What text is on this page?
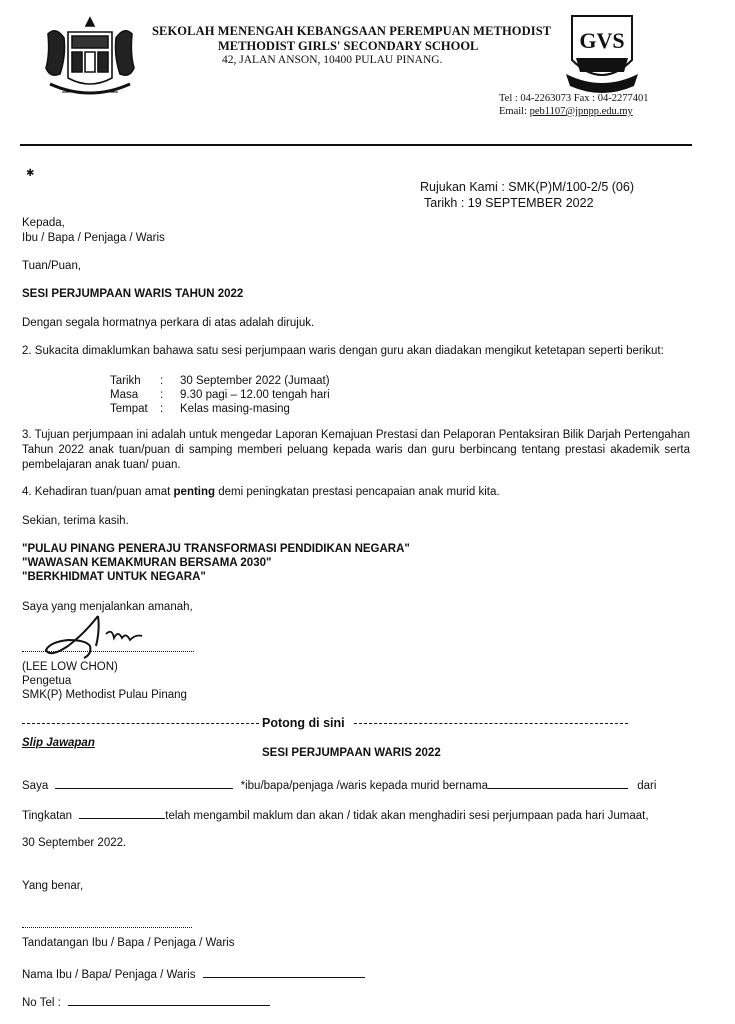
SEKOLAH MENENGAH KEBANGSAAN PEREMPUAN METHODIST
METHODIST GIRLS' SECONDARY SCHOOL
42, JALAN ANSON, 10400 PULAU PINANG.
GVS
Tel : 04-2263073 Fax : 04-2277401
Email: peb1107@jpnpp.edu.my
✱
Rujukan Kami : SMK(P)M/100-2/5 (06)
Tarikh : 19 SEPTEMBER 2022
Kepada,
Ibu / Bapa / Penjaga / Waris
Tuan/Puan,
SESI PERJUMPAAN WARIS TAHUN 2022
Dengan segala hormatnya perkara di atas adalah dirujuk.
2. Sukacita dimaklumkan bahawa satu sesi perjumpaan waris dengan guru akan diadakan mengikut ketetapan seperti berikut:
Tarikh : 30 September 2022 (Jumaat)
Masa : 9.30 pagi – 12.00 tengah hari
Tempat : Kelas masing-masing
3. Tujuan perjumpaan ini adalah untuk mengedar Laporan Kemajuan Prestasi dan Pelaporan Pentaksiran Bilik Darjah Pertengahan Tahun 2022 anak tuan/puan di samping memberi peluang kepada waris dan guru berbincang tentang prestasi akademik serta pembelajaran anak tuan/ puan.
4. Kehadiran tuan/puan amat penting demi peningkatan prestasi pencapaian anak murid kita.
Sekian, terima kasih.
"PULAU PINANG PENERAJU TRANSFORMASI PENDIDIKAN NEGARA"
"WAWASAN KEMAKMURAN BERSAMA 2030"
"BERKHIDMAT UNTUK NEGARA"
Saya yang menjalankan amanah,
(LEE LOW CHON)
Pengetua
SMK(P) Methodist Pulau Pinang
Potong di sini
Slip Jawapan
SESI PERJUMPAAN WARIS 2022
Saya	*ibu/bapa/penjaga /waris kepada murid bernama	dari
Tingkatan	telah mengambil maklum dan akan / tidak akan menghadiri sesi perjumpaan pada hari Jumaat,
30 September 2022.
Yang benar,
Tandatangan Ibu / Bapa / Penjaga / Waris
Nama Ibu / Bapa/ Penjaga / Waris
No Tel :
